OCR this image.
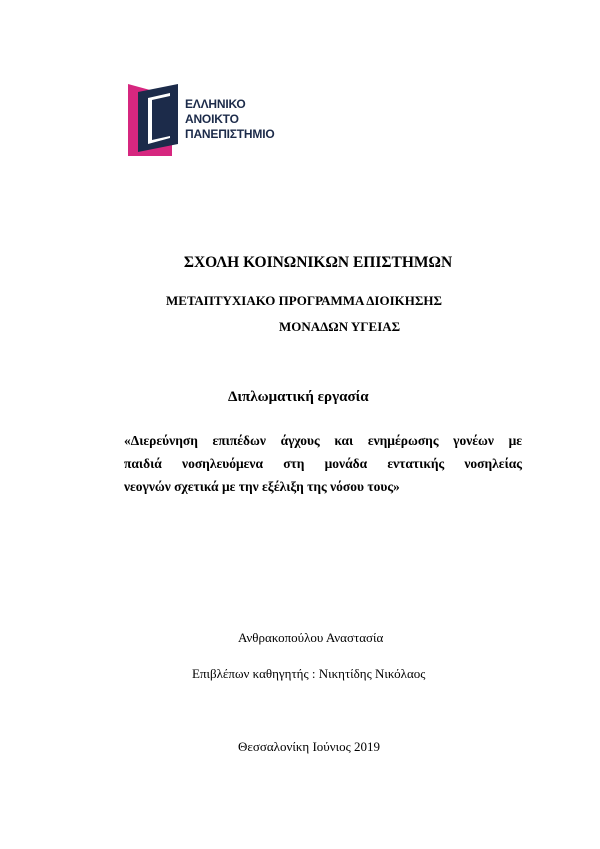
ΕΛΛΗΝΙΚΟ
ΑΝΟΙΚΤΟ
ΠΑΝΕΠΙΣΤΗΜΙΟ
ΣΧΟΛΗ ΚΟΙΝΩΝΙΚΩΝ ΕΠΙΣΤΗΜΩΝ
ΜΕΤΑΠΤΥΧΙΑΚΟ ΠΡΟΓΡΑΜΜΑ ΔΙΟΙΚΗΣΗΣ
ΜΟΝΑΔΩΝ ΥΓΕΙΑΣ
Διπλωματική εργασία
«Διερεύνηση επιπέδων άγχους και ενημέρωσης γονέων με
παιδιά νοσηλευόμενα στη μονάδα εντατικής νοσηλείας
νεογνών σχετικά με την εξέλιξη της νόσου τους»
Ανθρακοπούλου Αναστασία
Επιβλέπων καθηγητής : Νικητίδης Νικόλαος
Θεσσαλονίκη Ιούνιος 2019
